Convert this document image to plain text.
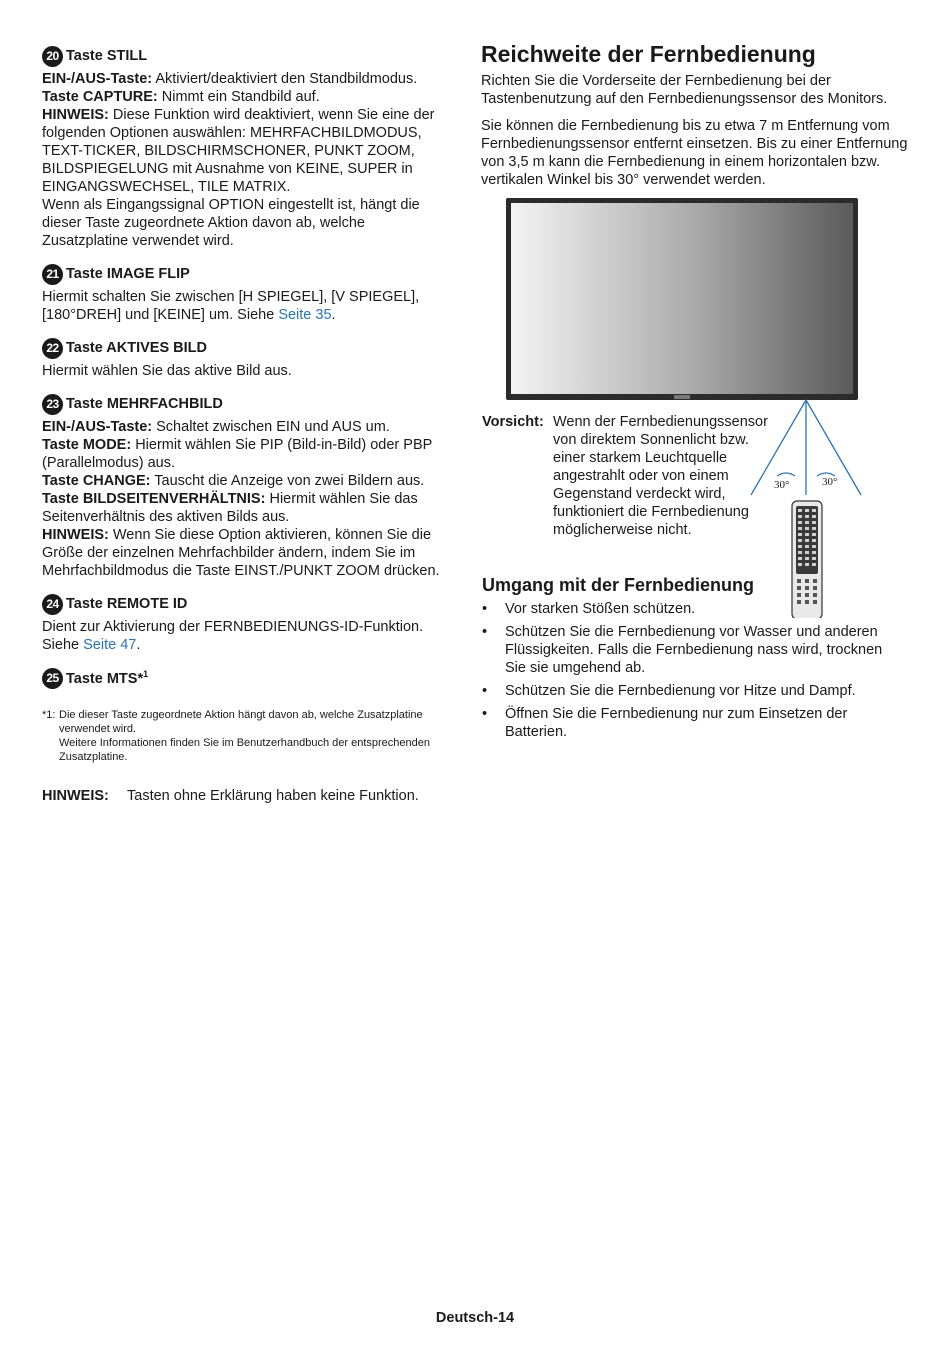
20 Taste STILL

EIN-/AUS-Taste: Aktiviert/deaktiviert den Standbildmodus.

Taste CAPTURE: Nimmt ein Standbild auf.

HINWEIS: Diese Funktion wird deaktiviert, wenn Sie eine der folgenden Optionen auswählen: MEHRFACHBILDMODUS, TEXT-TICKER, BILDSCHIRMSCHONER, PUNKT ZOOM, BILDSPIEGELUNG mit Ausnahme von KEINE, SUPER in EINGANGSWECHSEL, TILE MATRIX.

Wenn als Eingangssignal OPTION eingestellt ist, hängt die dieser Taste zugeordnete Aktion davon ab, welche Zusatzplatine verwendet wird.

21 Taste IMAGE FLIP

Hiermit schalten Sie zwischen [H SPIEGEL], [V SPIEGEL], [180°DREH] und [KEINE] um. Siehe Seite 35.

22 Taste AKTIVES BILD

Hiermit wählen Sie das aktive Bild aus.

23 Taste MEHRFACHBILD

EIN-/AUS-Taste: Schaltet zwischen EIN und AUS um.

Taste MODE: Hiermit wählen Sie PIP (Bild-in-Bild) oder PBP (Parallelmodus) aus.

Taste CHANGE: Tauscht die Anzeige von zwei Bildern aus.

Taste BILDSEITENVERHÄLTNIS: Hiermit wählen Sie das Seitenverhältnis des aktiven Bilds aus.

HINWEIS: Wenn Sie diese Option aktivieren, können Sie die Größe der einzelnen Mehrfachbilder ändern, indem Sie im Mehrfachbildmodus die Taste EINST./PUNKT ZOOM drücken.

24 Taste REMOTE ID

Dient zur Aktivierung der FERNBEDIENUNGS-ID-Funktion. Siehe Seite 47.

25 Taste MTS*$^1$
*1: Die dieser Taste zugeordnete Aktion hängt davon ab, welche Zusatzplatine verwendet wird.
Weitere Informationen finden Sie im Benutzerhandbuch der entsprechenden Zusatzplatine.
HINWEIS: Tasten ohne Erklärung haben keine Funktion.
Reichweite der Fernbedienung

Richten Sie die Vorderseite der Fernbedienung bei der Tastenbenutzung auf den Fernbedienungssensor des Monitors.

Sie können die Fernbedienung bis zu etwa 7 m Entfernung vom Fernbedienungssensor entfernt einsetzen. Bis zu einer Entfernung von 3,5 m kann die Fernbedienung in einem horizontalen bzw. vertikalen Winkel bis 30° verwendet werden.

30°	30°
Vorsicht: Wenn der Fernbedienungssensor von direktem Sonnenlicht bzw. einer starkem Leuchtquelle angestrahlt oder von einem Gegenstand verdeckt wird, funktioniert die Fernbedienung möglicherweise nicht.
Umgang mit der Fernbedienung
• Vor starken Stößen schützen.
• Schützen Sie die Fernbedienung vor Wasser und anderen Flüssigkeiten. Falls die Fernbedienung nass wird, trocknen Sie sie umgehend ab.
• Schützen Sie die Fernbedienung vor Hitze und Dampf.
• Öffnen Sie die Fernbedienung nur zum Einsetzen der Batterien.
Deutsch-14
